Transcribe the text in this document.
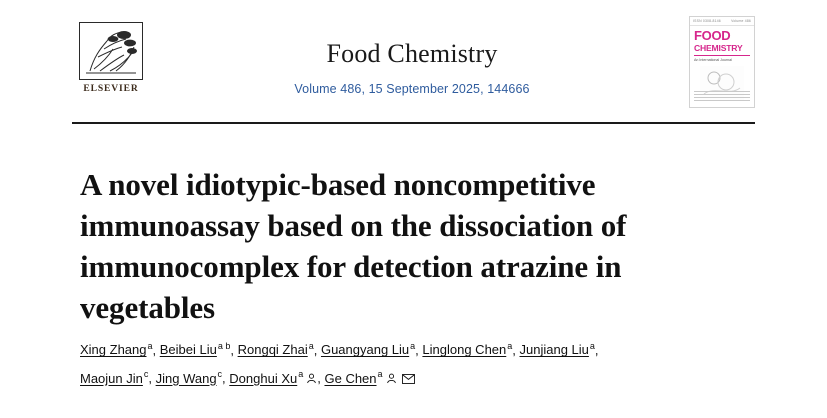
ELSEVIER
Food Chemistry
Volume 486, 15 September 2025, 144666
ISSN 0308-8146	Volume 486
FOOD
CHEMISTRY
An International Journal
A novel idiotypic-based noncompetitive immunoassay based on the dissociation of immunocomplex for detection atrazine in vegetables
Xing Zhanga, Beibei Liua b, Rongqi Zhaia, Guangyang Liua, Linglong Chena, Junjiang Liua,
Maojun Jinc, Jing Wangc, Donghui Xua , Ge Chena
